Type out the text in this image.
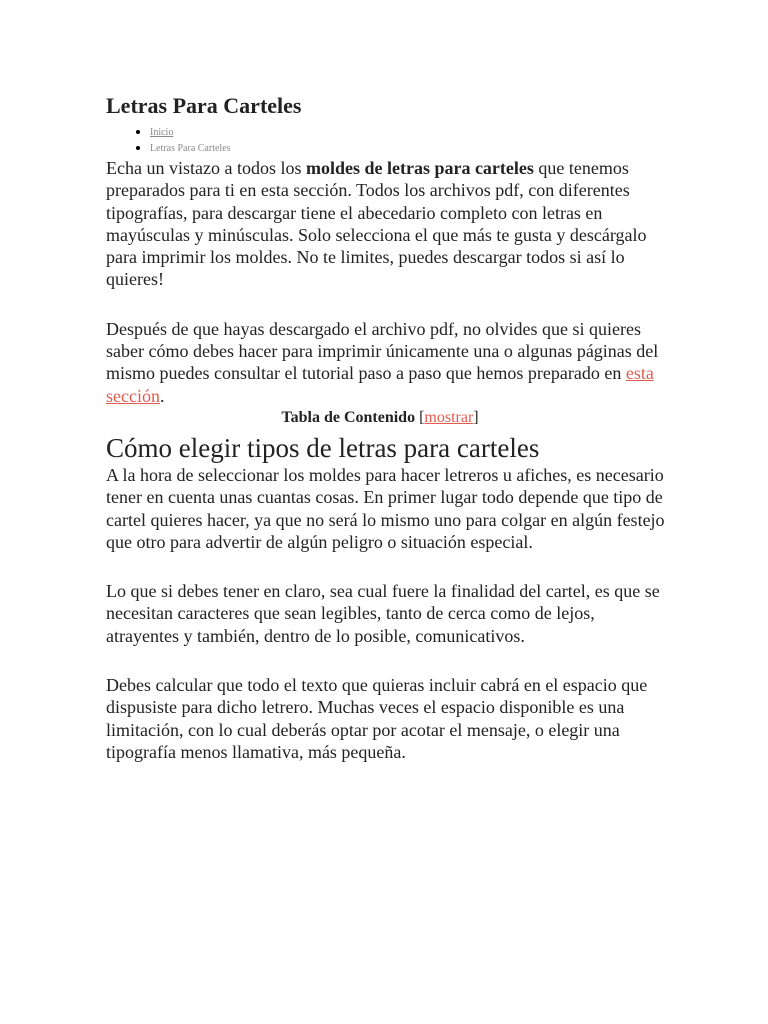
Letras Para Carteles
• Inicio
• Letras Para Carteles

Echa un vistazo a todos los moldes de letras para carteles que tenemos preparados para ti en esta sección. Todos los archivos pdf, con diferentes tipografías, para descargar tiene el abecedario completo con letras en mayúsculas y minúsculas. Solo selecciona el que más te gusta y descárgalo para imprimir los moldes. No te limites, puedes descargar todos si así lo quieres!

Después de que hayas descargado el archivo pdf, no olvides que si quieres saber cómo debes hacer para imprimir únicamente una o algunas páginas del mismo puedes consultar el tutorial paso a paso que hemos preparado en esta sección.

Tabla de Contenido [mostrar]
Cómo elegir tipos de letras para carteles

A la hora de seleccionar los moldes para hacer letreros u afiches, es necesario tener en cuenta unas cuantas cosas. En primer lugar todo depende que tipo de cartel quieres hacer, ya que no será lo mismo uno para colgar en algún festejo que otro para advertir de algún peligro o situación especial.

Lo que si debes tener en claro, sea cual fuere la finalidad del cartel, es que se necesitan caracteres que sean legibles, tanto de cerca como de lejos, atrayentes y también, dentro de lo posible, comunicativos.

Debes calcular que todo el texto que quieras incluir cabrá en el espacio que dispusiste para dicho letrero. Muchas veces el espacio disponible es una limitación, con lo cual deberás optar por acotar el mensaje, o elegir una tipografía menos llamativa, más pequeña.
